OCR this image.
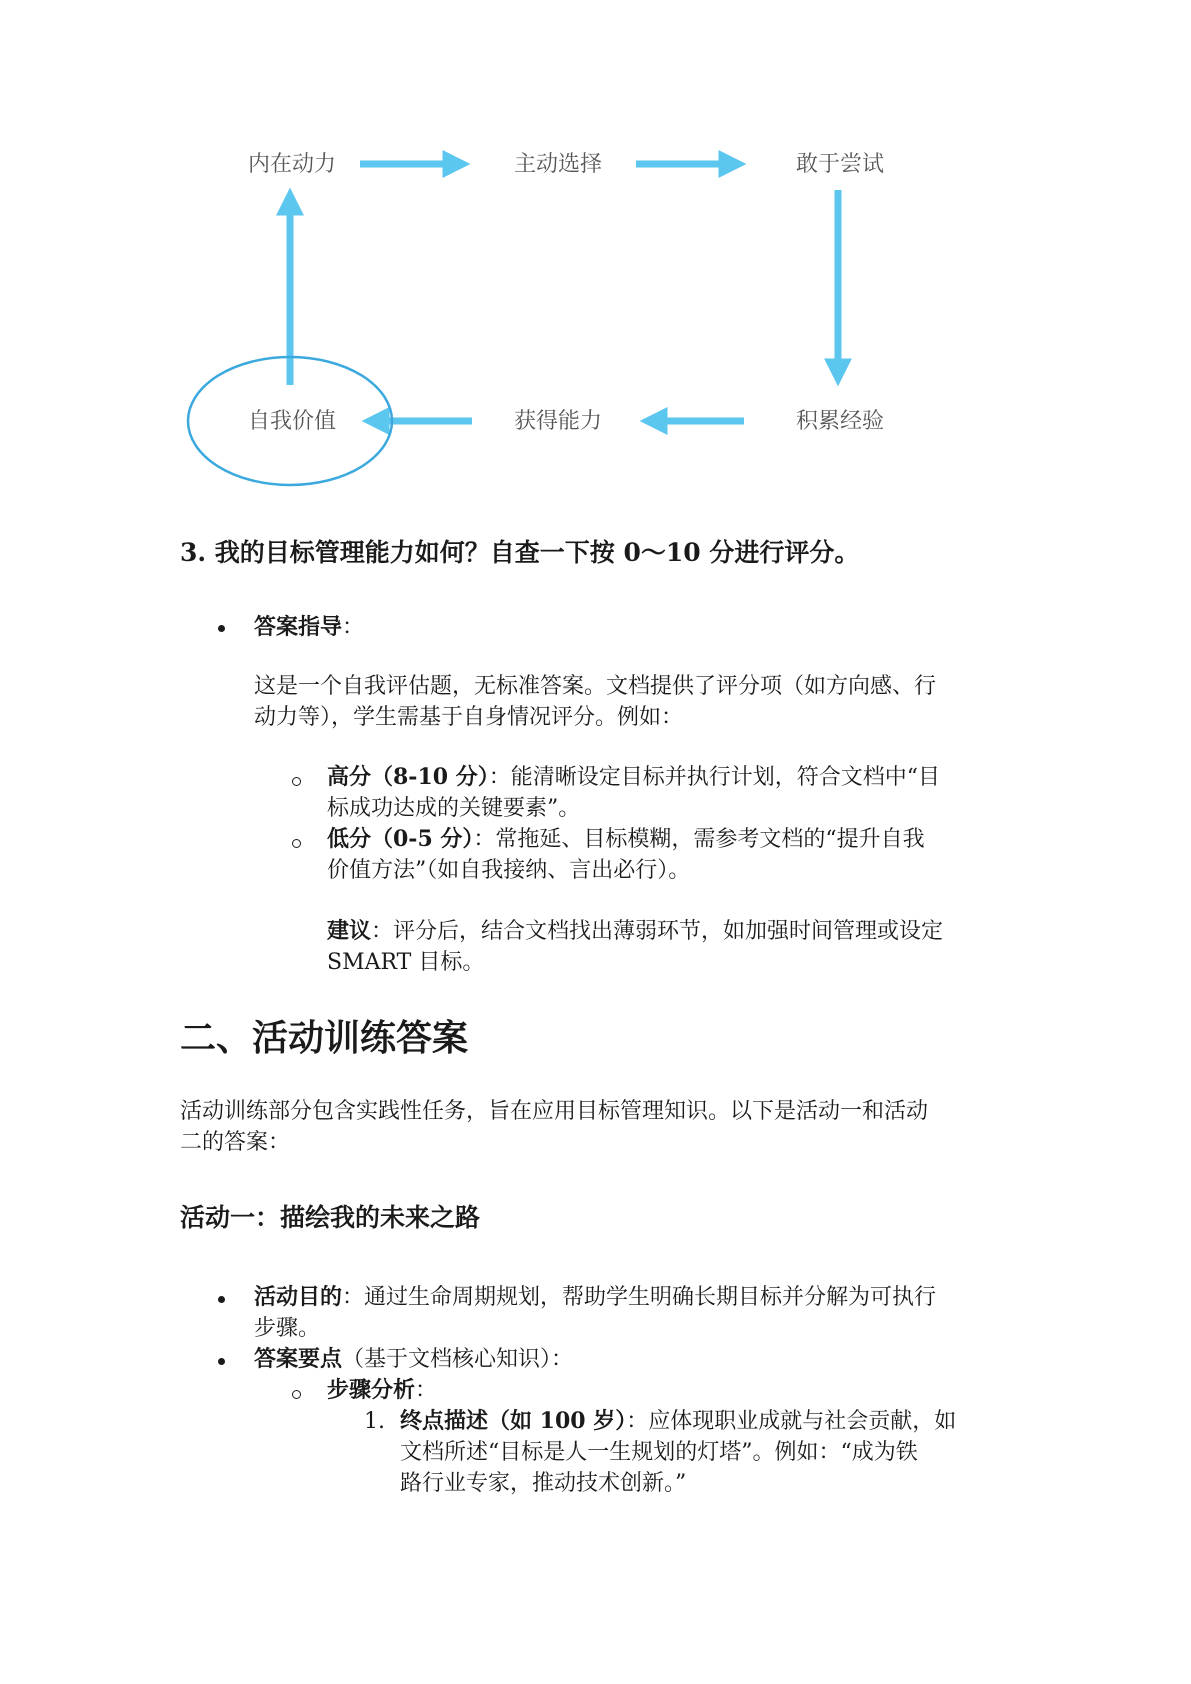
内在动力	主动选择	敢于尝试
积累经验
获得能力
自我价值
3. 我的目标管理能力如何？自查一下按 0～10 分进行评分。
答案指导：
这是一个自我评估题，无标准答案。文档提供了评分项（如方向感、行
动力等），学生需基于自身情况评分。例如：
高分（8-10 分）：能清晰设定目标并执行计划，符合文档中“目
标成功达成的关键要素”。
低分（0-5 分）：常拖延、目标模糊，需参考文档的“提升自我
价值方法”（如自我接纳、言出必行）。
建议：评分后，结合文档找出薄弱环节，如加强时间管理或设定
SMART 目标。
二、活动训练答案
活动训练部分包含实践性任务，旨在应用目标管理知识。以下是活动一和活动
二的答案：
活动一：描绘我的未来之路
活动目的：通过生命周期规划，帮助学生明确长期目标并分解为可执行
步骤。
答案要点（基于文档核心知识）：
步骤分析：
1. 终点描述（如 100 岁）：应体现职业成就与社会贡献，如
文档所述“目标是人一生规划的灯塔”。例如：“成为铁
路行业专家，推动技术创新。”
